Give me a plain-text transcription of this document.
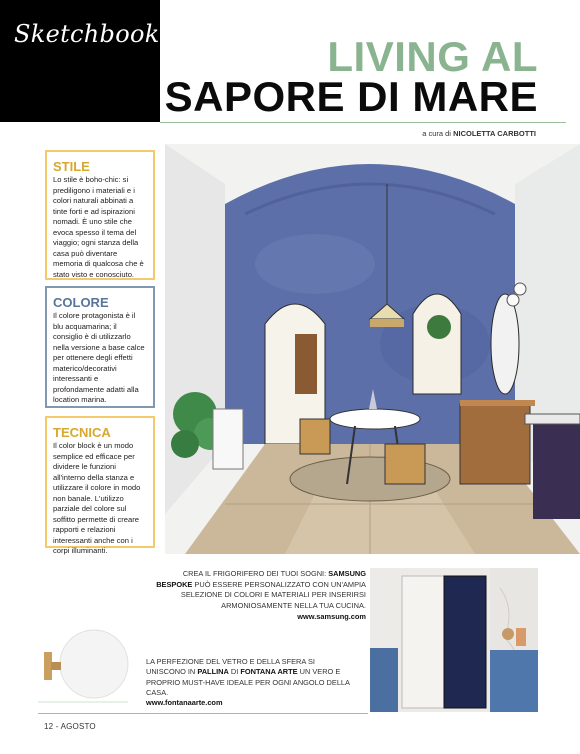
Sketchbook	LIVING AL
SAPORE DI MARE
a cura di NICOLETTA CARBOTTI

STILE

Lo stile è boho-chic: si prediligono i materiali e i colori naturali abbinati a tinte forti e ad ispirazioni nomadi. È uno stile che evoca spesso il tema del viaggio; ogni stanza della casa può diventare memoria di qualcosa che è stato visto e conosciuto.

COLORE

Il colore protagonista è il blu acquamarina; il consiglio è di utilizzarlo nella versione a base calce per ottenere degli effetti materico/decorativi interessanti e profondamente adatti alla location marina.

TECNICA

Il color block è un modo semplice ed efficace per dividere le funzioni all'interno della stanza e utilizzare il colore in modo non banale. L'utilizzo parziale del colore sul soffitto permette di creare rapporti e relazioni interessanti anche con i corpi illuminanti.

CREA IL FRIGORIFERO DEI TUOI SOGNI: SAMSUNG BESPOKE PUÒ ESSERE PERSONALIZZATO CON UN'AMPIA SELEZIONE DI COLORI E MATERIALI PER INSERIRSI ARMONIOSAMENTE NELLA TUA CUCINA.
www.samsung.com
LA PERFEZIONE DEL VETRO E DELLA SFERA SI UNISCONO IN PALLINA DI FONTANA ARTE UN VERO E PROPRIO MUST-HAVE IDEALE PER OGNI ANGOLO DELLA CASA.
www.fontanaarte.com
12 - AGOSTO
